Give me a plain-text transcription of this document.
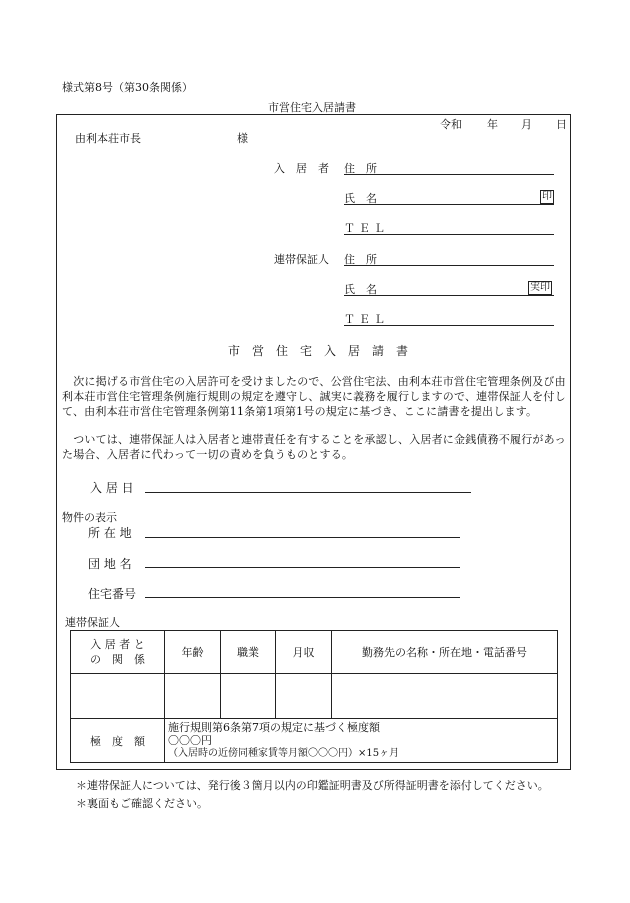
様式第8号（第30条関係）
市営住宅入居請書
令和 年 月 日
由利本荘市長	様
入　居　者 住　所
氏　名	印
ＴＥＬ
連帯保証人 住　所
氏　名	実印
ＴＥＬ
市　営　住　宅　入　居　請　書
　次に掲げる市営住宅の入居許可を受けましたので、公営住宅法、由利本荘市営住宅管理条例及び由利本荘市営住宅管理条例施行規則の規定を遵守し、誠実に義務を履行しますので、連帯保証人を付して、由利本荘市営住宅管理条例第11条第1項第1号の規定に基づき、ここに請書を提出します。
　ついては、連帯保証人は入居者と連帯責任を有することを承認し、入居者に金銭債務不履行があった場合、入居者に代わって一切の責めを負うものとする。
入 居 日
物件の表示
所 在 地
団 地 名
住宅番号
連帯保証人
入 居 者 と
の　関　係	年齢	職業	月収	勤務先の名称・所在地・電話番号

極　度　額	施行規則第6条第7項の規定に基づく極度額
〇〇〇円
（入居時の近傍同種家賃等月額〇〇〇円）×15ヶ月			
＊連帯保証人については、発行後３箇月以内の印鑑証明書及び所得証明書を添付してください。
＊裏面もご確認ください。
